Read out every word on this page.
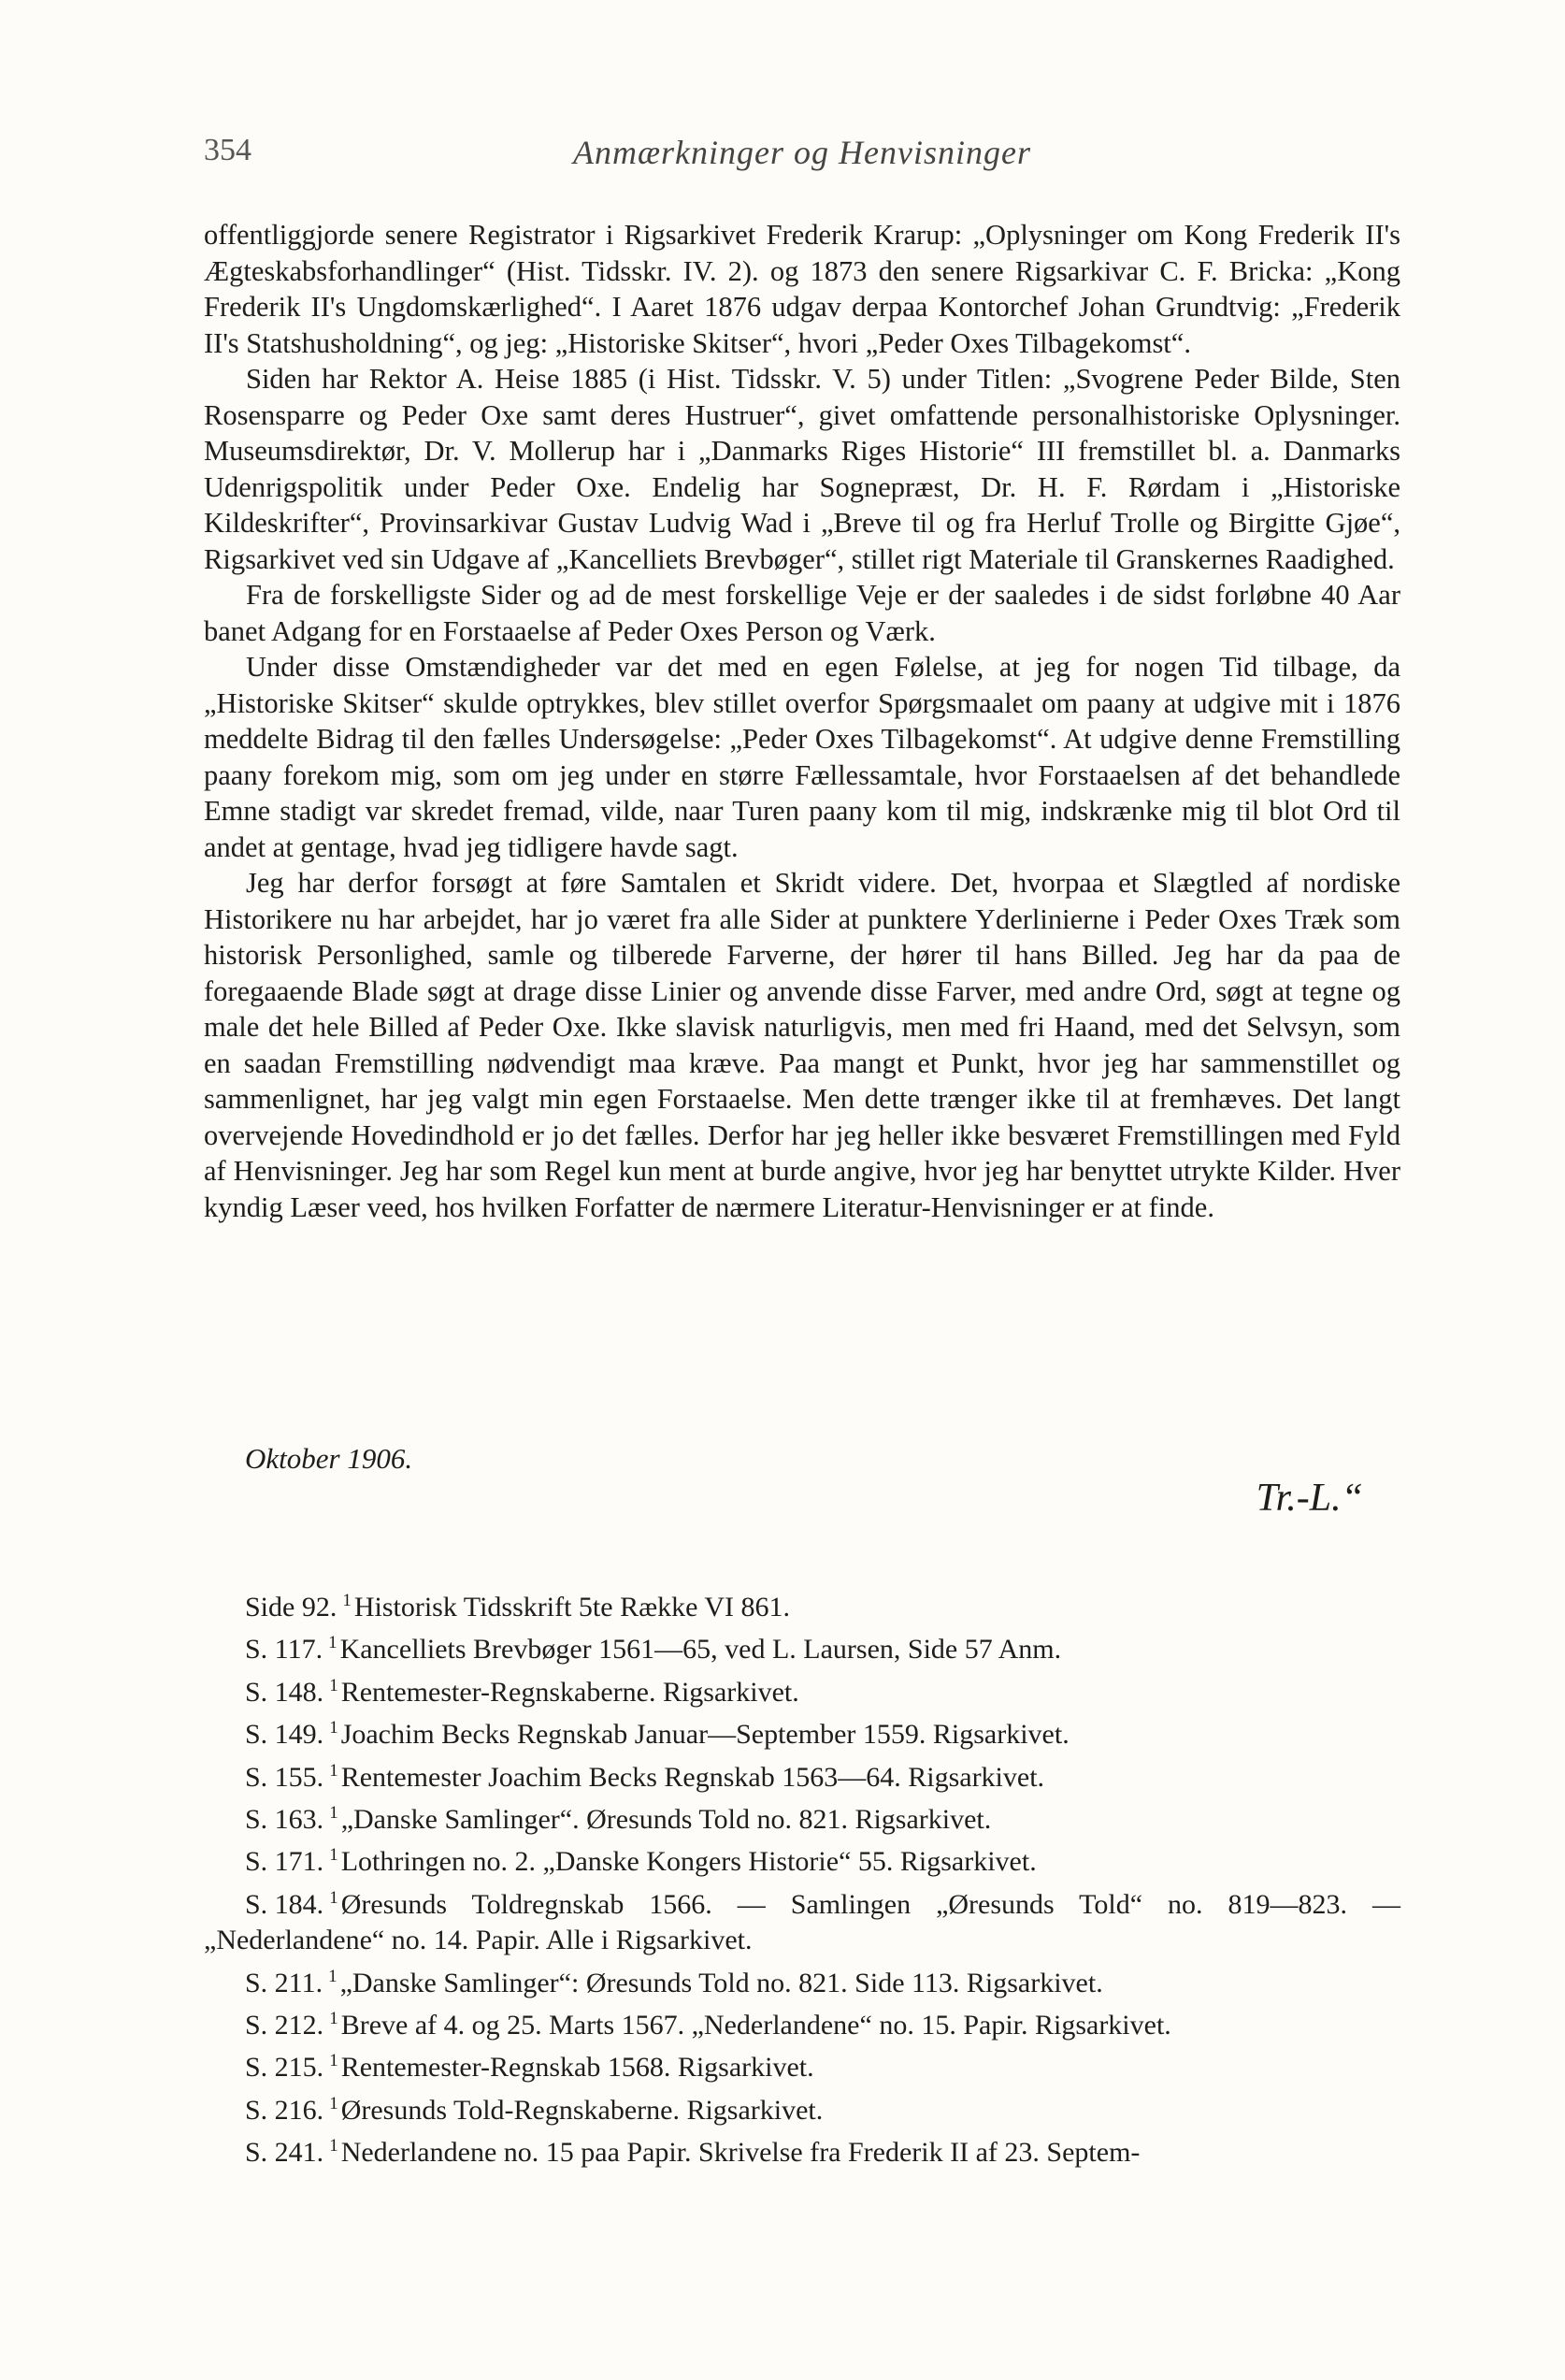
354	Anmærkninger og Henvisninger

offentliggjorde senere Registrator i Rigsarkivet Frederik Krarup: „Oplysninger om Kong Frederik II's Ægteskabsforhandlinger“ (Hist. Tidsskr. IV. 2). og 1873 den senere Rigsarkivar C. F. Bricka: „Kong Frederik II's Ungdomskærlighed“. I Aaret 1876 udgav derpaa Kontorchef Johan Grundtvig: „Frederik II's Statshusholdning“, og jeg: „Historiske Skitser“, hvori „Peder Oxes Tilbagekomst“.

Siden har Rektor A. Heise 1885 (i Hist. Tidsskr. V. 5) under Titlen: „Svogrene Peder Bilde, Sten Rosensparre og Peder Oxe samt deres Hustruer“, givet omfattende personalhistoriske Oplysninger. Museumsdirektør, Dr. V. Mollerup har i „Danmarks Riges Historie“ III fremstillet bl. a. Danmarks Udenrigspolitik under Peder Oxe. Endelig har Sognepræst, Dr. H. F. Rørdam i „Historiske Kildeskrifter“, Provinsarkivar Gustav Ludvig Wad i „Breve til og fra Herluf Trolle og Birgitte Gjøe“, Rigsarkivet ved sin Udgave af „Kancelliets Brevbøger“, stillet rigt Materiale til Granskernes Raadighed.

Fra de forskelligste Sider og ad de mest forskellige Veje er der saaledes i de sidst forløbne 40 Aar banet Adgang for en Forstaaelse af Peder Oxes Person og Værk.

Under disse Omstændigheder var det med en egen Følelse, at jeg for nogen Tid tilbage, da „Historiske Skitser“ skulde optrykkes, blev stillet overfor Spørgsmaalet om paany at udgive mit i 1876 meddelte Bidrag til den fælles Undersøgelse: „Peder Oxes Tilbagekomst“. At udgive denne Fremstilling paany forekom mig, som om jeg under en større Fællessamtale, hvor Forstaaelsen af det behandlede Emne stadigt var skredet fremad, vilde, naar Turen paany kom til mig, indskrænke mig til blot Ord til andet at gentage, hvad jeg tidligere havde sagt.

Jeg har derfor forsøgt at føre Samtalen et Skridt videre. Det, hvorpaa et Slægtled af nordiske Historikere nu har arbejdet, har jo været fra alle Sider at punktere Yderlinierne i Peder Oxes Træk som historisk Personlighed, samle og tilberede Farverne, der hører til hans Billed. Jeg har da paa de foregaaende Blade søgt at drage disse Linier og anvende disse Farver, med andre Ord, søgt at tegne og male det hele Billed af Peder Oxe. Ikke slavisk naturligvis, men med fri Haand, med det Selvsyn, som en saadan Fremstilling nødvendigt maa kræve. Paa mangt et Punkt, hvor jeg har sammenstillet og sammenlignet, har jeg valgt min egen Forstaaelse. Men dette trænger ikke til at fremhæves. Det langt overvejende Hovedindhold er jo det fælles. Derfor har jeg heller ikke besværet Fremstillingen med Fyld af Henvisninger. Jeg har som Regel kun ment at burde angive, hvor jeg har benyttet utrykte Kilder. Hver kyndig Læser veed, hos hvilken Forfatter de nærmere Literatur-Henvisninger er at finde.

Oktober 1906.
Tr.-L.“
Side 92. $^1$ Historisk Tidsskrift 5te Række VI 861.
S. 117. $^1$ Kancelliets Brevbøger 1561—65, ved L. Laursen, Side 57 Anm.
S. 148. $^1$ Rentemester-Regnskaberne. Rigsarkivet.
S. 149. $^1$ Joachim Becks Regnskab Januar—September 1559. Rigsarkivet.
S. 155. $^1$ Rentemester Joachim Becks Regnskab 1563—64. Rigsarkivet.
S. 163. $^1$ „Danske Samlinger“. Øresunds Told no. 821. Rigsarkivet.
S. 171. $^1$ Lothringen no. 2. „Danske Kongers Historie“ 55. Rigsarkivet.
S. 184. $^1$ Øresunds Toldregnskab 1566. — Samlingen „Øresunds Told“ no. 819—823. — „Nederlandene“ no. 14. Papir. Alle i Rigsarkivet.
S. 211. $^1$ „Danske Samlinger“: Øresunds Told no. 821. Side 113. Rigsarkivet.
S. 212. $^1$ Breve af 4. og 25. Marts 1567. „Nederlandene“ no. 15. Papir. Rigsarkivet.
S. 215. $^1$ Rentemester-Regnskab 1568. Rigsarkivet.
S. 216. $^1$ Øresunds Told-Regnskaberne. Rigsarkivet.
S. 241. $^1$ Nederlandene no. 15 paa Papir. Skrivelse fra Frederik II af 23. Septem-
